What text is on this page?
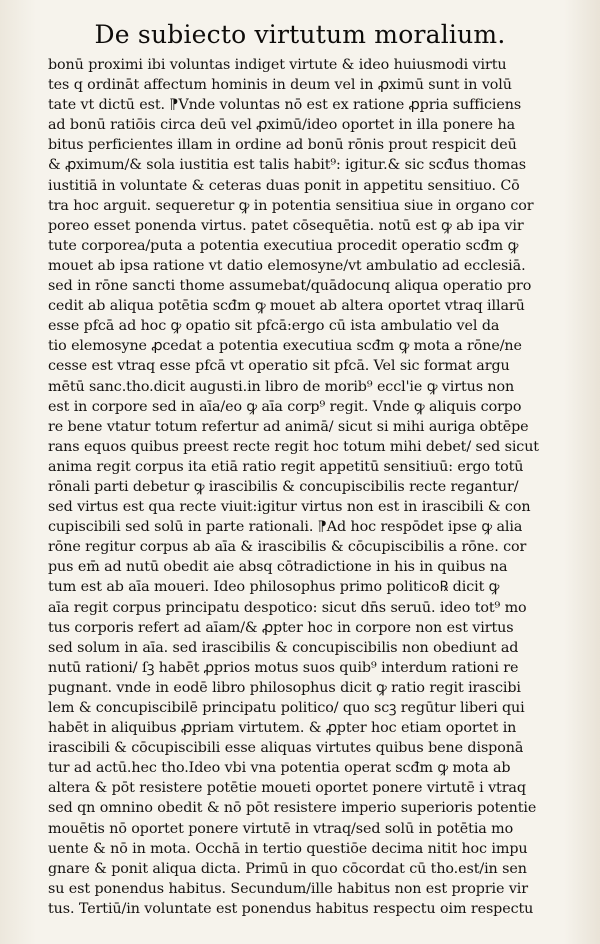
De subiecto virtutum moralium.
bonū proximi ibi voluntas indiget virtute & ideo huiusmodi virtu
tes q ordināt affectum hominis in deum vel in ꝓximū sunt in volū
tate vt dictū est. ⁋Vnde voluntas nō est ex ratione ꝓpria sufficiens
ad bonū ratiōis circa deū vel ꝓximū/ideo oportet in illa ponere ha
bitus perficientes illam in ordine ad bonū rōnis prout respicit deū
& ꝓximum/& sola iustitia est talis habit⁹: igitur.& sic scđus thomas
iustitiā in voluntate & ceteras duas ponit in appetitu sensitiuo. Cō
tra hoc arguit. sequeretur ꝙ in potentia sensitiua siue in organo cor
poreo esset ponenda virtus. patet cōsequētia. notū est ꝙ ab ipa vir
tute corporea/puta a potentia executiua procedit operatio scđm ꝙ
mouet ab ipsa ratione vt datio elemosyne/vt ambulatio ad ecclesiā.
sed in rōne sancti thome assumebat/quādocunq aliqua operatio pro
cedit ab aliqua potētia scđm ꝙ mouet ab altera oportet vtraq illarū
esse pfcā ad hoc ꝙ opatio sit pfcā:ergo cū ista ambulatio vel da
tio elemosyne ꝓcedat a potentia executiua scđm ꝙ mota a rōne/ne
cesse est vtraq esse pfcā vt operatio sit pfcā. Vel sic format argu
mētū sanc.tho.dicit augusti.in libro de morib⁹ eccl'ie ꝙ virtus non
est in corpore sed in aīa/eo ꝙ aīa corp⁹ regit. Vnde ꝙ aliquis corpo
re bene vtatur totum refertur ad animā/ sicut si mihi auriga obtēpe
rans equos quibus preest recte regit hoc totum mihi debet/ sed sicut
anima regit corpus ita etiā ratio regit appetitū sensitiuū: ergo totū
rōnali parti debetur ꝙ irascibilis & concupiscibilis recte regantur/
sed virtus est qua recte viuit:igitur virtus non est in irascibili & con
cupiscibili sed solū in parte rationali. ⁋Ad hoc respōdet ipse ꝙ alia
rōne regitur corpus ab aīa & irascibilis & cōcupiscibilis a rōne. cor
pus em̄ ad nutū obedit aie absq cōtradictione in his in quibus na
tum est ab aīa moueri. Ideo philosophus primo politico℞ dicit ꝙ
aīa regit corpus principatu despotico: sicut dn̄s seruū. ideo tot⁹ mo
tus corporis refert ad aīam/& ꝓpter hoc in corpore non est virtus
sed solum in aīa. sed irascibilis & concupiscibilis non obediunt ad
nutū rationi/ ſꝫ habēt ꝓprios motus suos quib⁹ interdum rationi re
pugnant. vnde in eodē libro philosophus dicit ꝙ ratio regit irascibi
lem & concupiscibilē principatu politico/ quo scꝫ regūtur liberi qui
habēt in aliquibus ꝓpriam virtutem. & ꝓpter hoc etiam oportet in
irascibili & cōcupiscibili esse aliquas virtutes quibus bene disponā
tur ad actū.hec tho.Ideo vbi vna potentia operat scđm ꝙ mota ab
altera & pōt resistere potētie moueti oportet ponere virtutē i vtraq
sed qn omnino obedit & nō pōt resistere imperio superioris potentie
mouētis nō oportet ponere virtutē in vtraq/sed solū in potētia mo
uente & nō in mota. Occhā in tertio questiōe decima nitit hoc impu
gnare & ponit aliqua dicta. Primū in quo cōcordat cū tho.est/in sen
su est ponendus habitus. Secundum/ille habitus non est proprie vir
tus. Tertiū/in voluntate est ponendus habitus respectu oim respectu
